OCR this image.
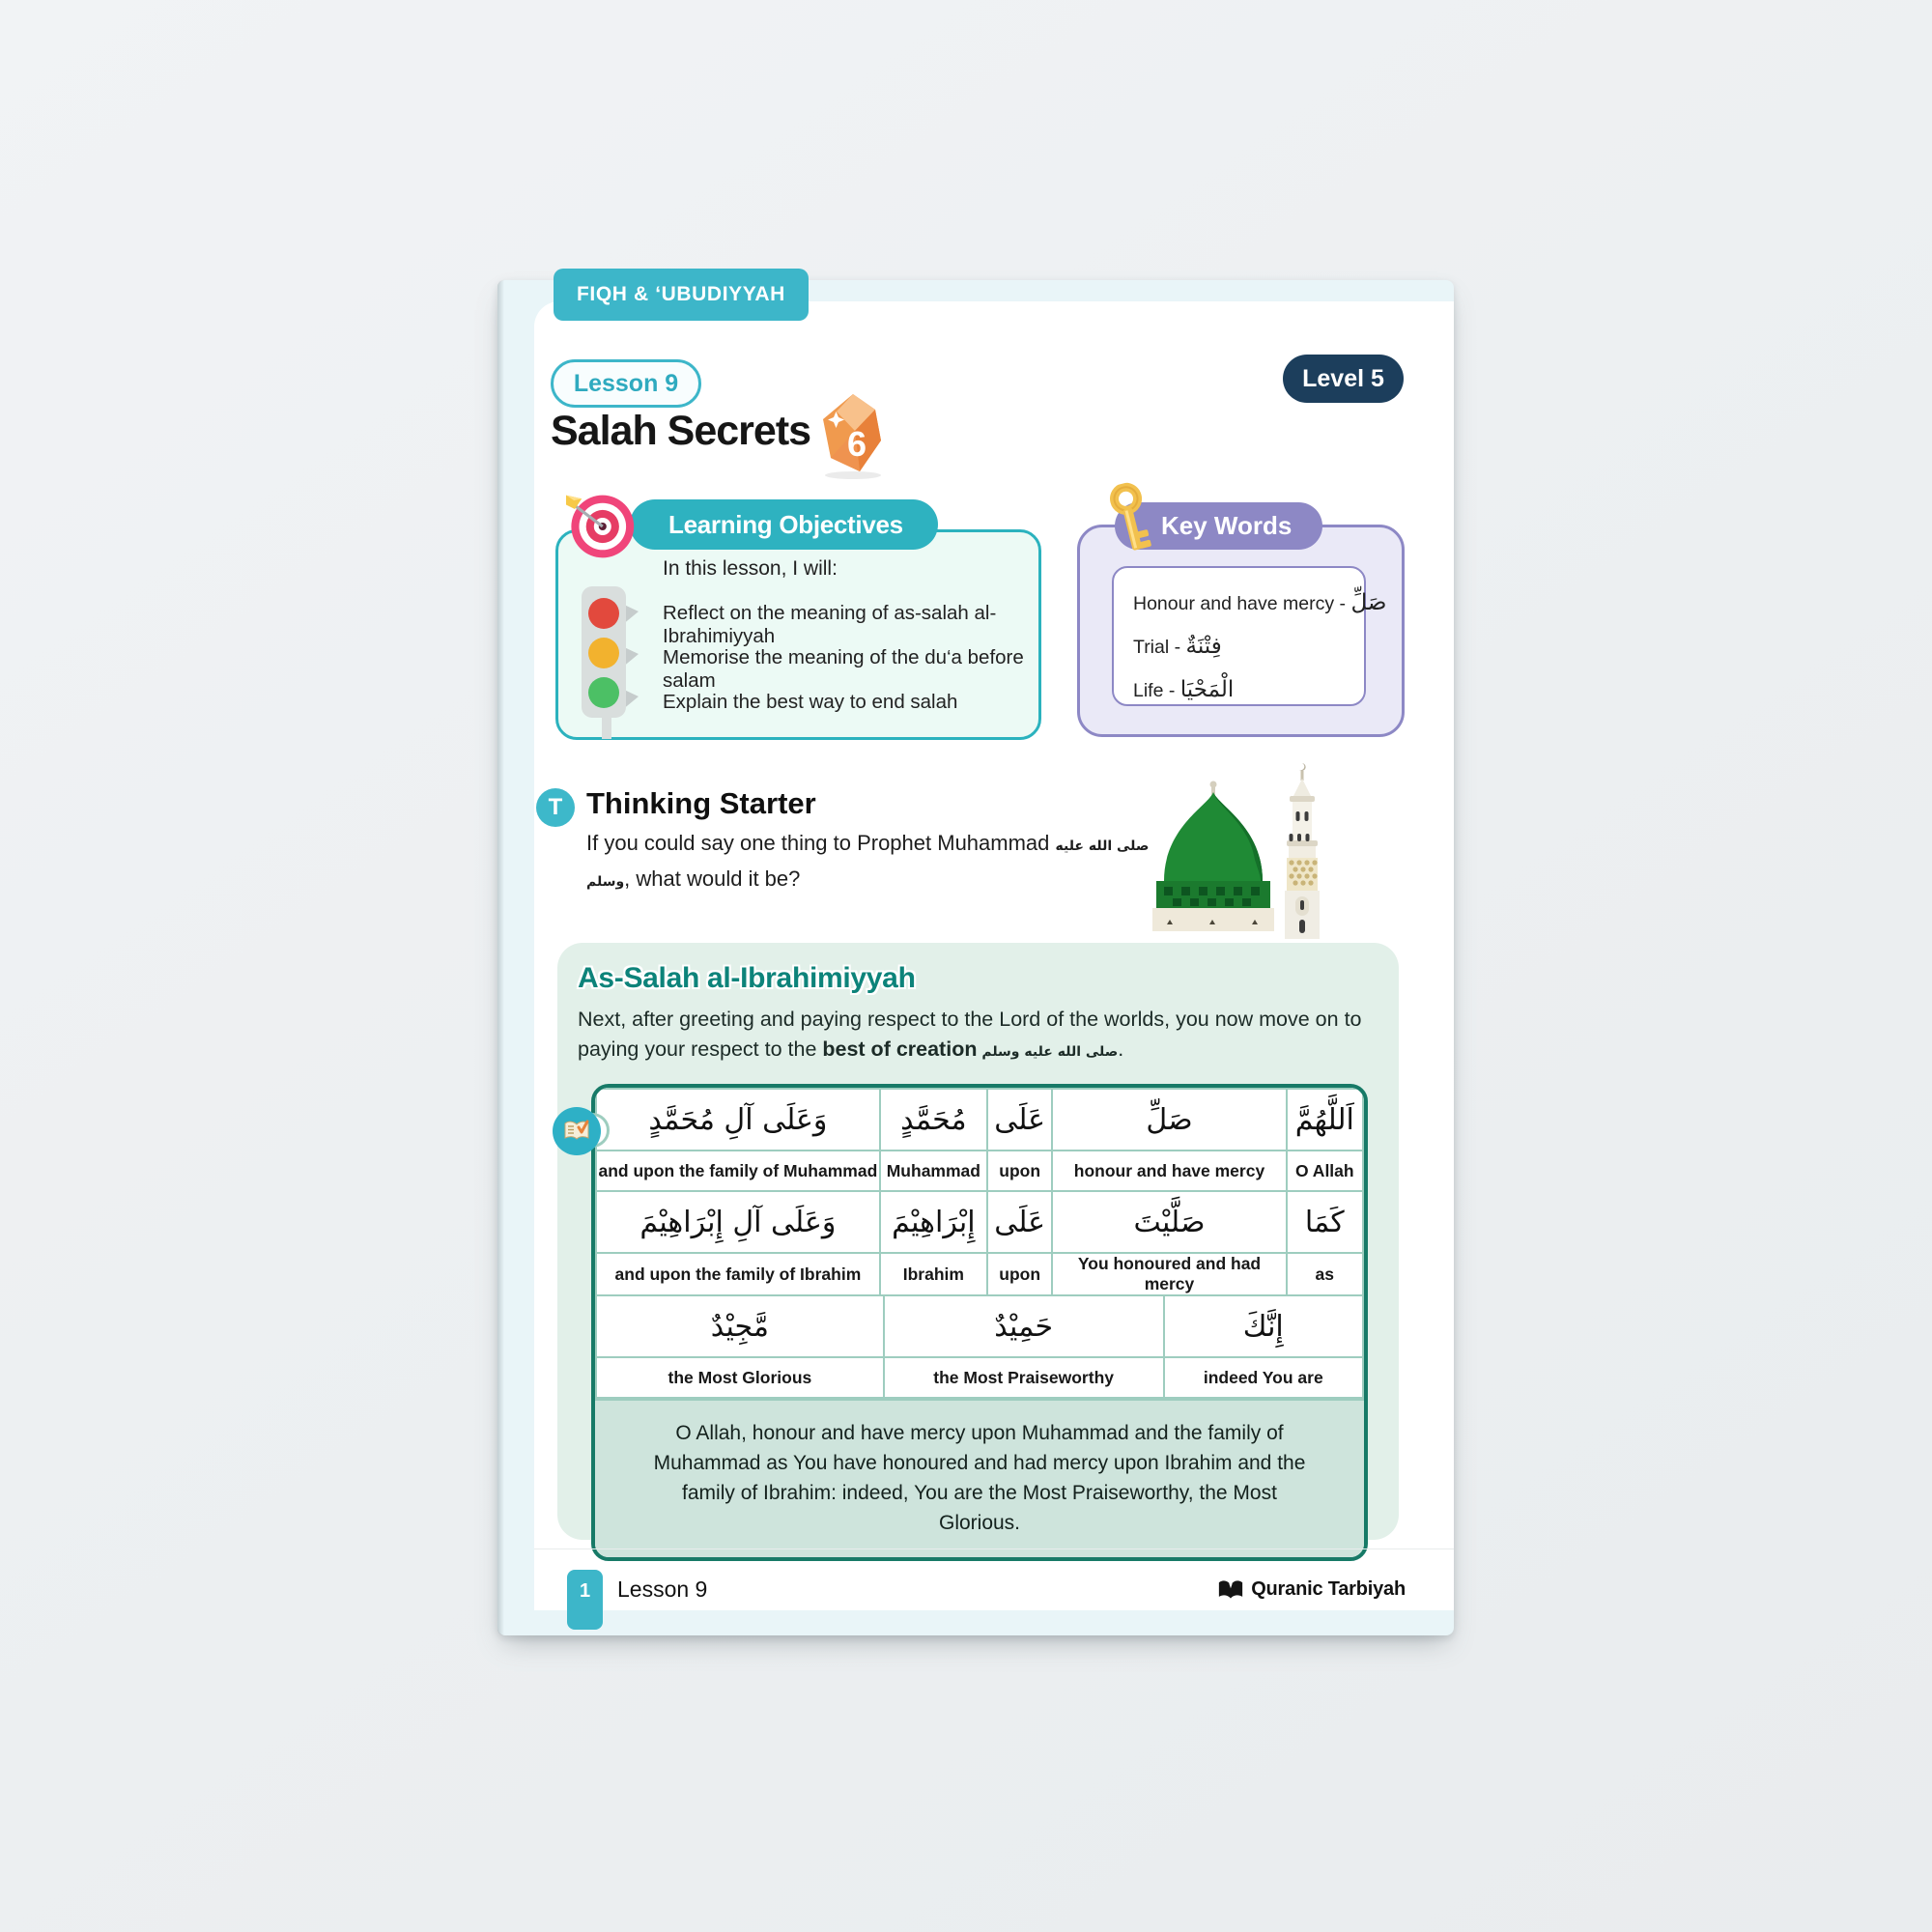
FIQH & ‘UBUDIYYAH
Lesson 9	Level 5
Salah Secrets 6
Learning Objectives
In this lesson, I will:
Reflect on the meaning of as-salah al-Ibrahimiyyah
Memorise the meaning of the du‘a before salam
Explain the best way to end salah
Key Words
Honour and have mercy - صَلِّ
Trial - فِتْنَةٌ
Life - الْمَحْيَا
T Thinking Starter
If you could say one thing to Prophet Muhammad صلى الله عليه وسلم, what would it be?
As-Salah al-Ibrahimiyyah
Next, after greeting and paying respect to the Lord of the worlds, you now move on to paying your respect to the best of creation صلى الله عليه وسلم.
وَعَلَى آلِ مُحَمَّدٍ	مُحَمَّدٍ	عَلَى	صَلِّ	اَللَّهُمَّ
and upon the family of Muhammad	Muhammad	upon	honour and have mercy	O Allah
وَعَلَى آلِ إِبْرَاهِيْمَ	إِبْرَاهِيْمَ	عَلَى	صَلَّيْتَ	كَمَا
and upon the family of Ibrahim	Ibrahim	upon	You honoured and had mercy	as
مَّجِيْدٌ	حَمِيْدٌ	إِنَّكَ
the Most Glorious	the Most Praiseworthy	indeed You are
O Allah, honour and have mercy upon Muhammad and the family of Muhammad as You have honoured and had mercy upon Ibrahim and the family of Ibrahim: indeed, You are the Most Praiseworthy, the Most Glorious.
1	Lesson 9	Quranic Tarbiyah
